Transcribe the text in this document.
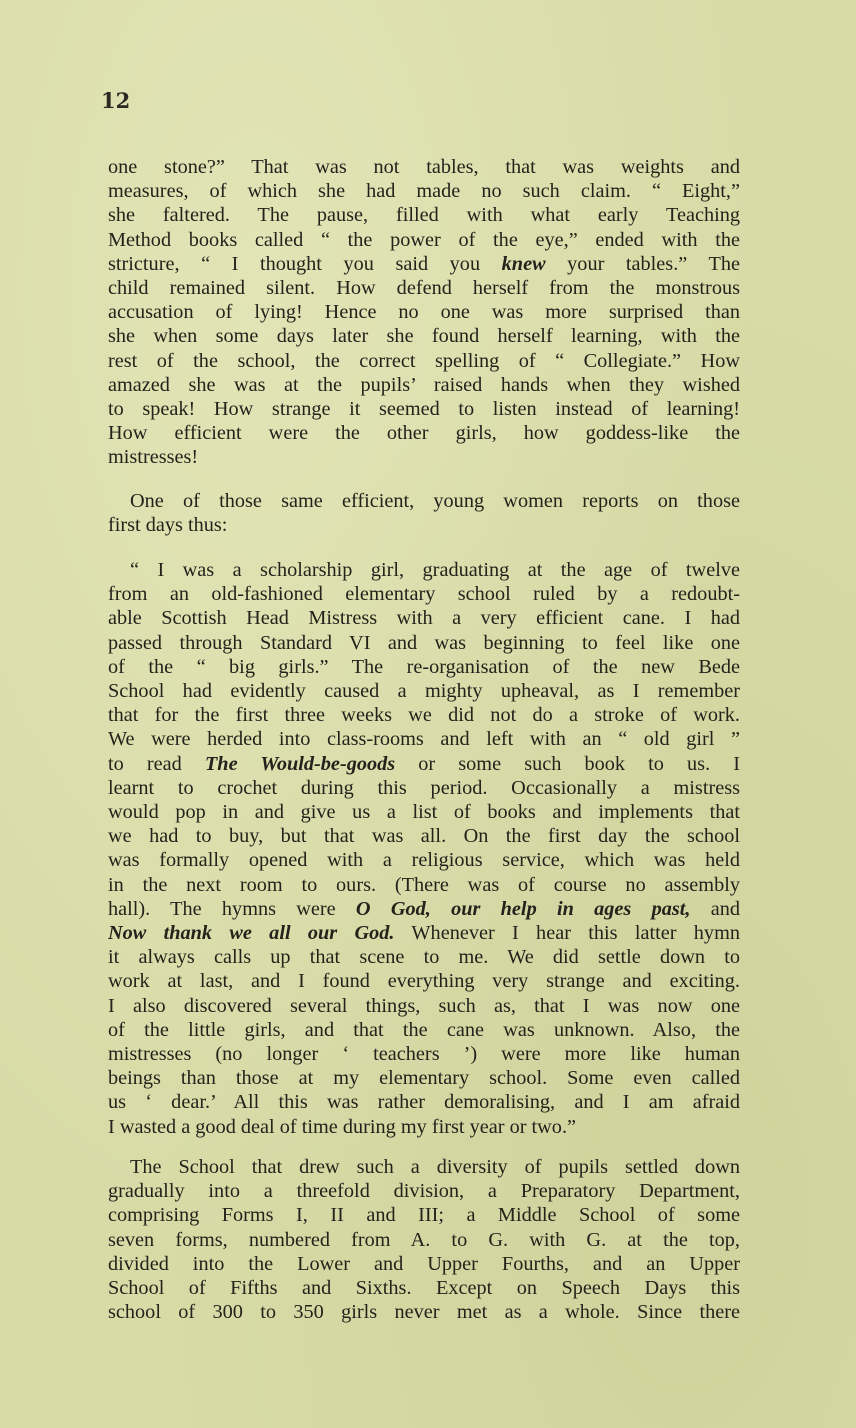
12
one stone?” That was not tables, that was weights and
measures, of which she had made no such claim. “ Eight,”
she faltered. The pause, filled with what early Teaching
Method books called “ the power of the eye,” ended with the
stricture, “ I thought you said you knew your tables.” The
child remained silent. How defend herself from the monstrous
accusation of lying! Hence no one was more surprised than
she when some days later she found herself learning, with the
rest of the school, the correct spelling of “ Collegiate.” How
amazed she was at the pupils’ raised hands when they wished
to speak! How strange it seemed to listen instead of learning!
How efficient were the other girls, how goddess-like the
mistresses!
One of those same efficient, young women reports on those
first days thus:
“ I was a scholarship girl, graduating at the age of twelve
from an old-fashioned elementary school ruled by a redoubt-
able Scottish Head Mistress with a very efficient cane. I had
passed through Standard VI and was beginning to feel like one
of the “ big girls.” The re-organisation of the new Bede
School had evidently caused a mighty upheaval, as I remember
that for the first three weeks we did not do a stroke of work.
We were herded into class-rooms and left with an “ old girl ”
to read The Would-be-goods or some such book to us. I
learnt to crochet during this period. Occasionally a mistress
would pop in and give us a list of books and implements that
we had to buy, but that was all. On the first day the school
was formally opened with a religious service, which was held
in the next room to ours. (There was of course no assembly
hall). The hymns were O God, our help in ages past, and
Now thank we all our God. Whenever I hear this latter hymn
it always calls up that scene to me. We did settle down to
work at last, and I found everything very strange and exciting.
I also discovered several things, such as, that I was now one
of the little girls, and that the cane was unknown. Also, the
mistresses (no longer ‘ teachers ’) were more like human
beings than those at my elementary school. Some even called
us ‘ dear.’ All this was rather demoralising, and I am afraid
I wasted a good deal of time during my first year or two.”
The School that drew such a diversity of pupils settled down
gradually into a threefold division, a Preparatory Department,
comprising Forms I, II and III; a Middle School of some
seven forms, numbered from A. to G. with G. at the top,
divided into the Lower and Upper Fourths, and an Upper
School of Fifths and Sixths. Except on Speech Days this
school of 300 to 350 girls never met as a whole. Since there
